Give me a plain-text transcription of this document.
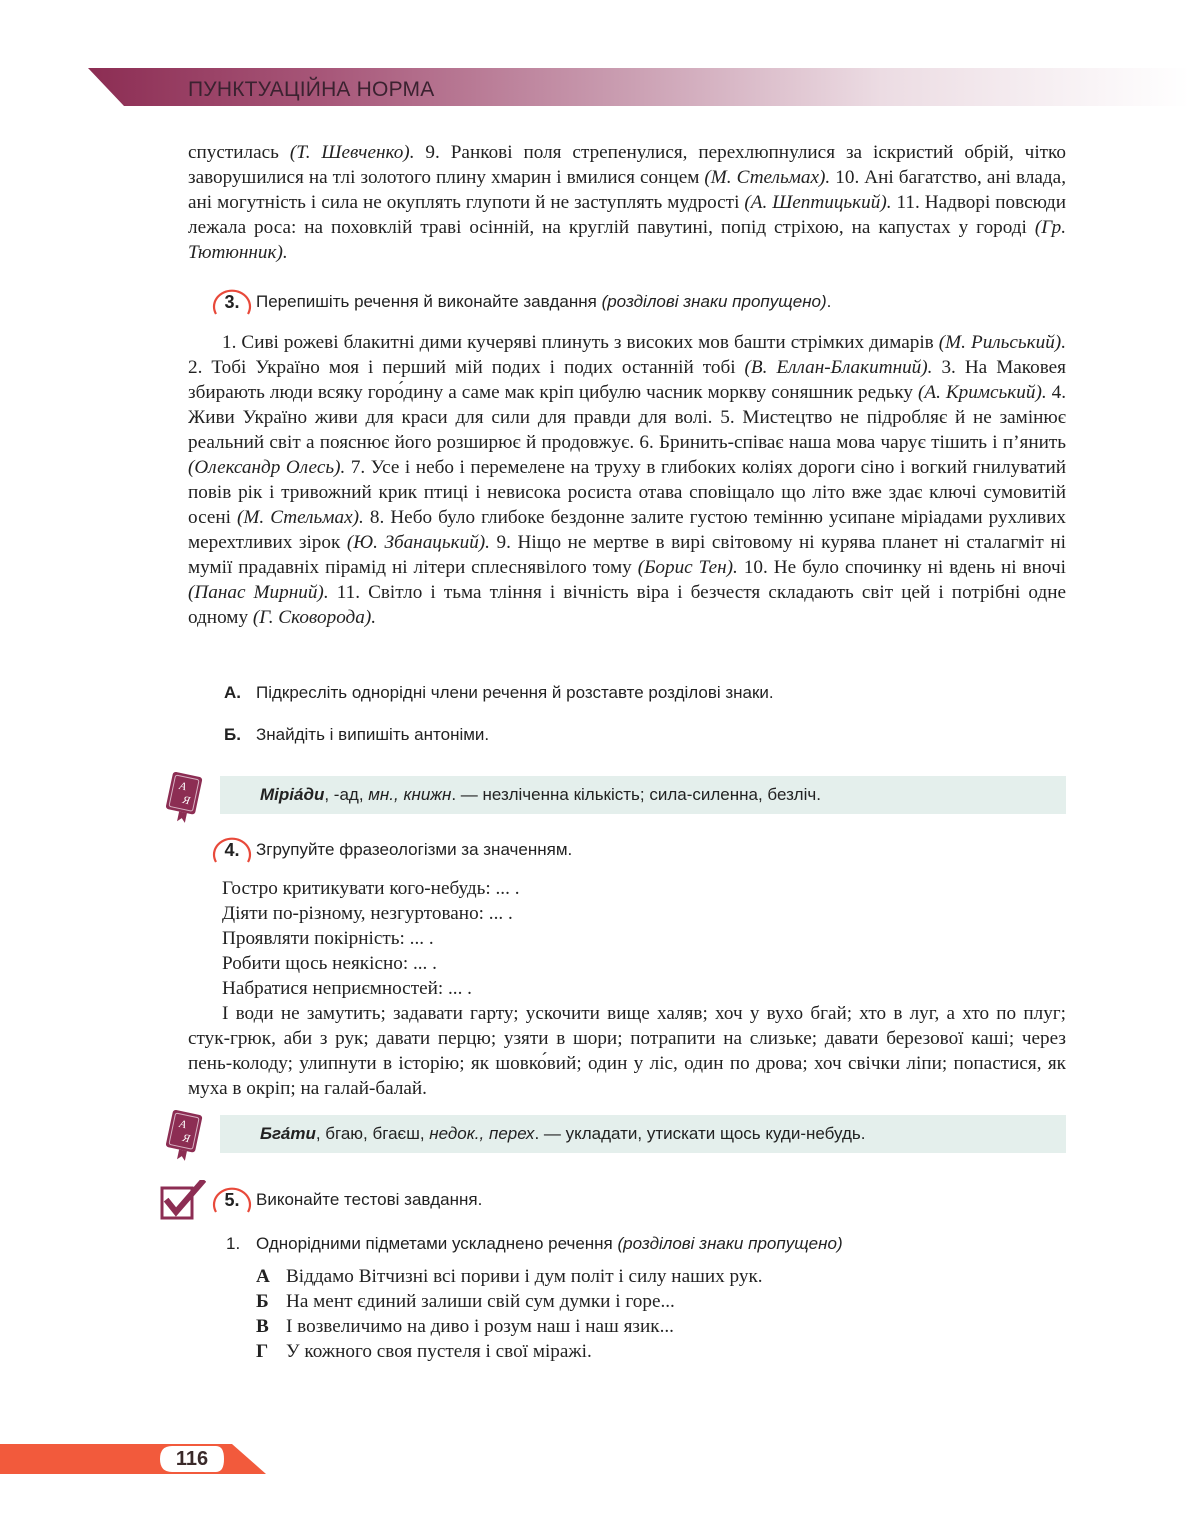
ПУНКТУАЦІЙНА НОРМА

спустилась (Т. Шевченко). 9. Ранкові поля стрепенулися, перехлюпнулися за іскристий обрій, чітко заворушилися на тлі золотого плину хмарин і вмилися сонцем (М. Стельмах). 10. Ані багатство, ані влада, ані могутність і сила не окуплять глупоти й не заступлять мудрості (А. Шептицький). 11. Надворі повсюди лежала роса: на поховклій траві осінній, на круглій павутині, попід стріхою, на капустах у городі (Гр. Тютюнник).

3. Перепишіть речення й виконайте завдання
(розділові знаки пропущено) .

1. Сиві рожеві блакитні дими кучеряві плинуть з високих мов башти стрімких димарів (М. Рильський). 2. Тобі Україно моя і перший мій подих і подих останній тобі (В. Еллан-Блакитний). 3. На Маковея збирають люди всяку горо́дину а саме мак кріп цибулю часник моркву соняшник редьку (А. Кримський). 4. Живи Україно живи для краси для сили для правди для волі. 5. Мистецтво не підробляє й не замінює реальний світ а пояснює його розширює й продовжує. 6. Бринить-співає наша мова чарує тішить і п’янить (Олександр Олесь). 7. Усе і небо і перемелене на труху в глибоких коліях дороги сіно і вогкий гнилуватий повів рік і тривожний крик птиці і невисока росиста отава сповіщало що літо вже здає ключі сумовитій осені (М. Стельмах). 8. Небо було глибоке бездонне залите густою темінню усипане міріадами рухливих мерехтливих зірок (Ю. Збанацький). 9. Ніщо не мертве в вирі світовому ні курява планет ні сталагміт ні мумії прадавніх пірамід ні літери сплеснявілого тому (Борис Тен). 10. Не було спочинку ні вдень ні вночі (Панас Мирний). 11. Світло і тьма тління і вічність віра і безчестя складають світ цей і потрібні одне одному (Г. Сковорода).

А. Підкресліть однорідні члени речення й розставте розділові знаки.
Б. Знайдіть і випишіть антоніми.
А
Я	Міріа́ди, -ад, мн., книжн. — незліченна кількість; сила-силенна, безліч.
4. Згрупуйте фразеологізми за значенням.
Гостро критикувати кого-небудь: ... .
Діяти по-різному, незгуртовано: ... .
Проявляти покірність: ... .
Робити щось неякісно: ... .
Набратися неприємностей: ... .

І води не замутить; задавати гарту; ускочити вище халяв; хоч у вухо бгай; хто в луг, а хто по плуг; стук-грюк, аби з рук; давати перцю; узяти в шори; потрапити на слизьке; давати березової каші; через пень-колоду; улипнути в історію; як шовко́вий; один у ліс, один по дрова; хоч свічки ліпи; попастися, як муха в окріп; на галай-балай.

А
Я	Бга́ти, бгаю, бгаєш, недок., перех. — укладати, утискати щось куди-небудь.
5. Виконайте тестові завдання.
1. Однорідними підметами ускладнено речення (розділові знаки пропущено)
А Віддамо Вітчизні всі пориви і дум політ і силу наших рук.
Б На мент єдиний залиши свій сум думки і горе...
В І возвеличимо на диво і розум наш і наш язик...
Г У кожного своя пустеля і свої міражі.
116
